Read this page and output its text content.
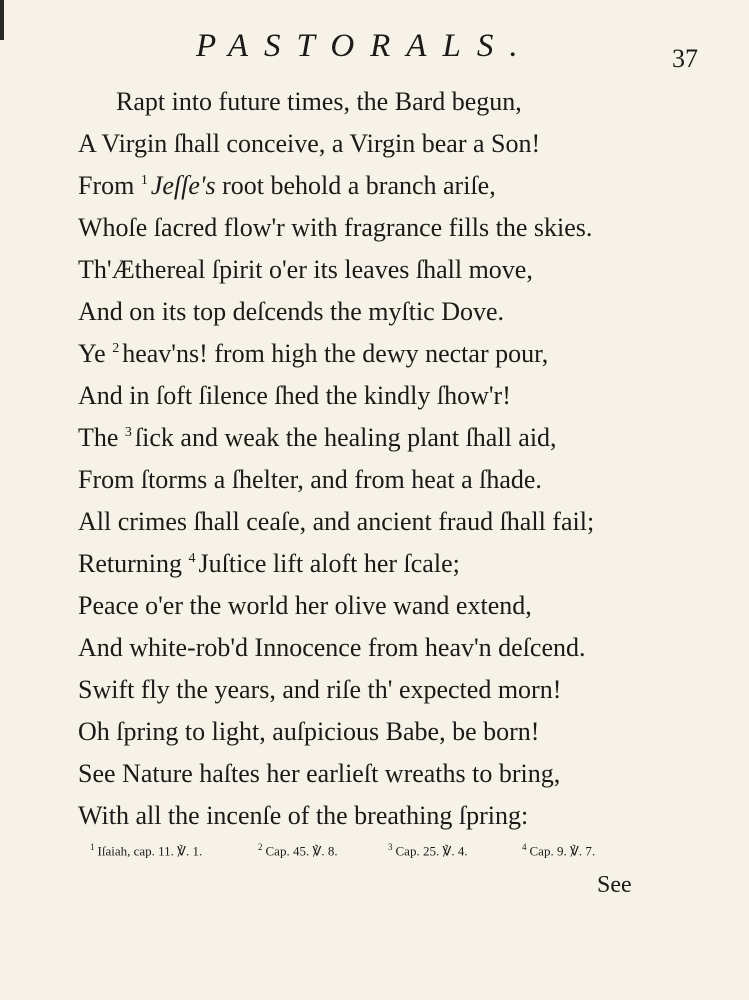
PASTORALS.	37
Rapt into future times, the Bard begun,
A Virgin ſhall conceive, a Virgin bear a Son!
From $^1$ Jeſſe's root behold a branch ariſe,
Whoſe ſacred flow'r with fragrance fills the skies.
Th'Æthereal ſpirit o'er its leaves ſhall move,
And on its top deſcends the myſtic Dove.
Ye $^2$ heav'ns! from high the dewy nectar pour,
And in ſoft ſilence ſhed the kindly ſhow'r!
The $^3$ ſick and weak the healing plant ſhall aid,
From ſtorms a ſhelter, and from heat a ſhade.
All crimes ſhall ceaſe, and ancient fraud ſhall fail;
Returning $^4$ Juſtice lift aloft her ſcale;
Peace o'er the world her olive wand extend,
And white-rob'd Innocence from heav'n deſcend.
Swift fly the years, and riſe th' expected morn!
Oh ſpring to light, auſpicious Babe, be born!
See Nature haſtes her earlieſt wreaths to bring,
With all the incenſe of the breathing ſpring:
$^1$ Iſaiah, cap. 11. ℣. 1.	$^2$ Cap. 45. ℣. 8.	$^3$ Cap. 25. ℣. 4.	$^4$ Cap. 9. ℣. 7.
See
